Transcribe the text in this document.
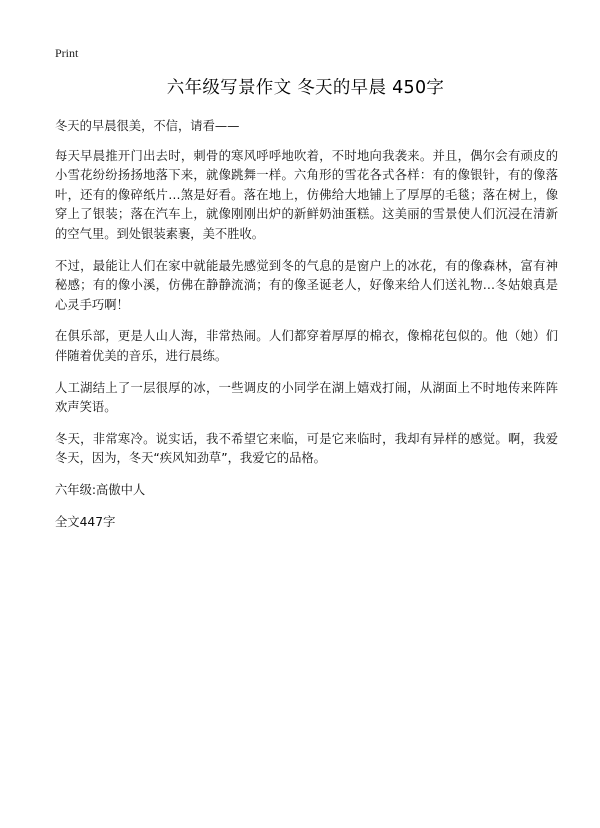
Print
六年级写景作文 冬天的早晨 450字

冬天的早晨很美，不信，请看——

每天早晨推开门出去时，刺骨的寒风呼呼地吹着，不时地向我袭来。并且，偶尔会有顽皮的小雪花纷纷扬扬地落下来，就像跳舞一样。六角形的雪花各式各样：有的像银针，有的像落叶，还有的像碎纸片…煞是好看。落在地上，仿佛给大地铺上了厚厚的毛毯；落在树上，像穿上了银装；落在汽车上，就像刚刚出炉的新鲜奶油蛋糕。这美丽的雪景使人们沉浸在清新的空气里。到处银装素裹，美不胜收。

不过，最能让人们在家中就能最先感觉到冬的气息的是窗户上的冰花，有的像森林，富有神秘感；有的像小溪，仿佛在静静流淌；有的像圣诞老人，好像来给人们送礼物…冬姑娘真是心灵手巧啊！

在俱乐部，更是人山人海，非常热闹。人们都穿着厚厚的棉衣，像棉花包似的。他（她）们伴随着优美的音乐，进行晨练。

人工湖结上了一层很厚的冰，一些调皮的小同学在湖上嬉戏打闹，从湖面上不时地传来阵阵欢声笑语。

冬天，非常寒冷。说实话，我不希望它来临，可是它来临时，我却有异样的感觉。啊，我爱冬天，因为，冬天“疾风知劲草”，我爱它的品格。

六年级:高傲中人

全文447字
